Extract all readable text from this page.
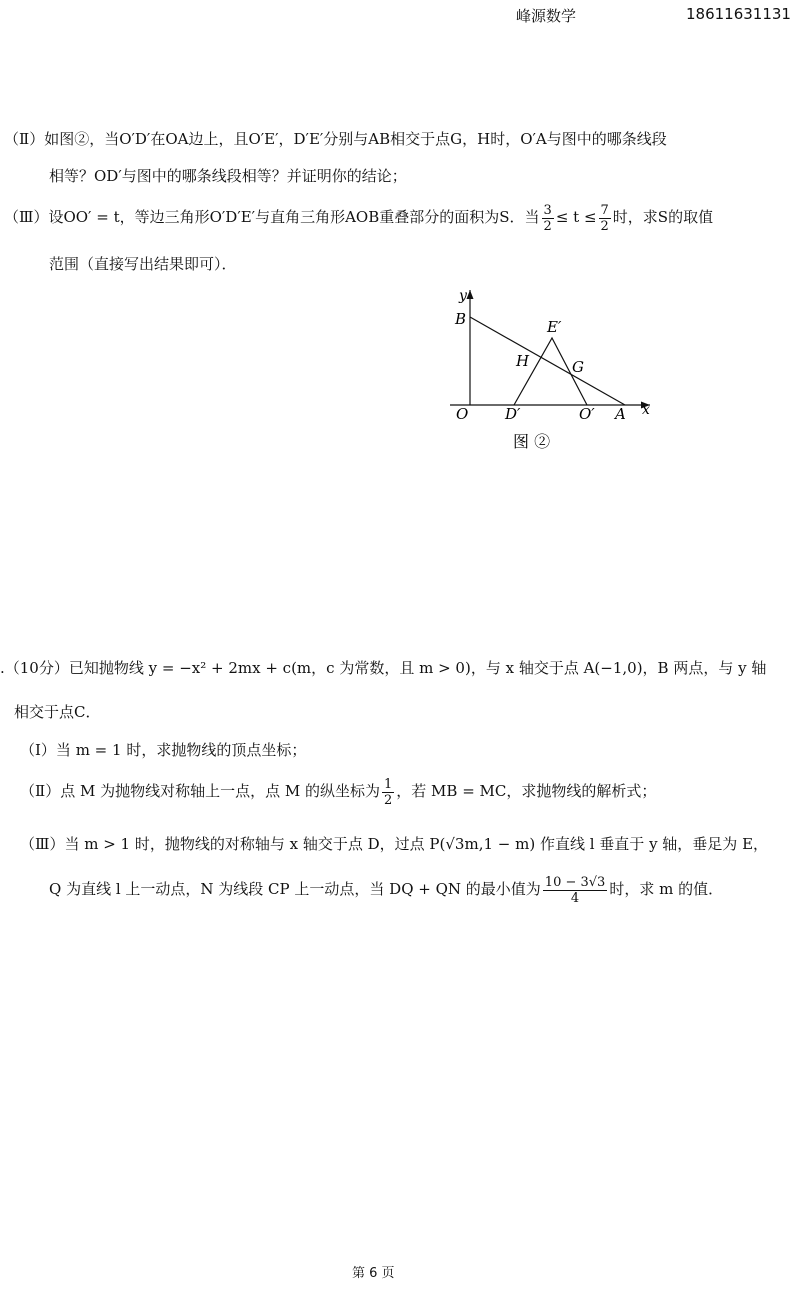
峰源数学	18611631131
（Ⅱ）如图②，当O′D′在OA边上，且O′E′，D′E′分别与AB相交于点G，H时，O′A与图中的哪条线段
相等？OD′与图中的哪条线段相等？并证明你的结论；
（Ⅲ）设OO′ = t，等边三角形O′D′E′与直角三角形AOB重叠部分的面积为S．当 $\frac{3}{2} \le t \le \frac{7}{2}$ 时，求S的取值
范围（直接写出结果即可）．
y
B	E′
H	G
O D′	O′ A x
图 ②
.（10分）已知抛物线 y = −x² + 2mx + c(m，c 为常数，且 m > 0)，与 x 轴交于点 A(−1,0)，B 两点，与 y 轴
相交于点C．
（Ⅰ）当 m = 1 时，求抛物线的顶点坐标；
（Ⅱ）点 M 为抛物线对称轴上一点，点 M 的纵坐标为 $\frac{1}{2}$ ，若 MB = MC，求抛物线的解析式；
（Ⅲ）当 m > 1 时，抛物线的对称轴与 x 轴交于点 D，过点 P(√3m,1 − m) 作直线 l 垂直于 y 轴，垂足为 E，
Q 为直线 l 上一动点，N 为线段 CP 上一动点，当 DQ + QN 的最小值为 $\frac{10 - 3√3}{4}$ 时，求 m 的值．
第 6 页
